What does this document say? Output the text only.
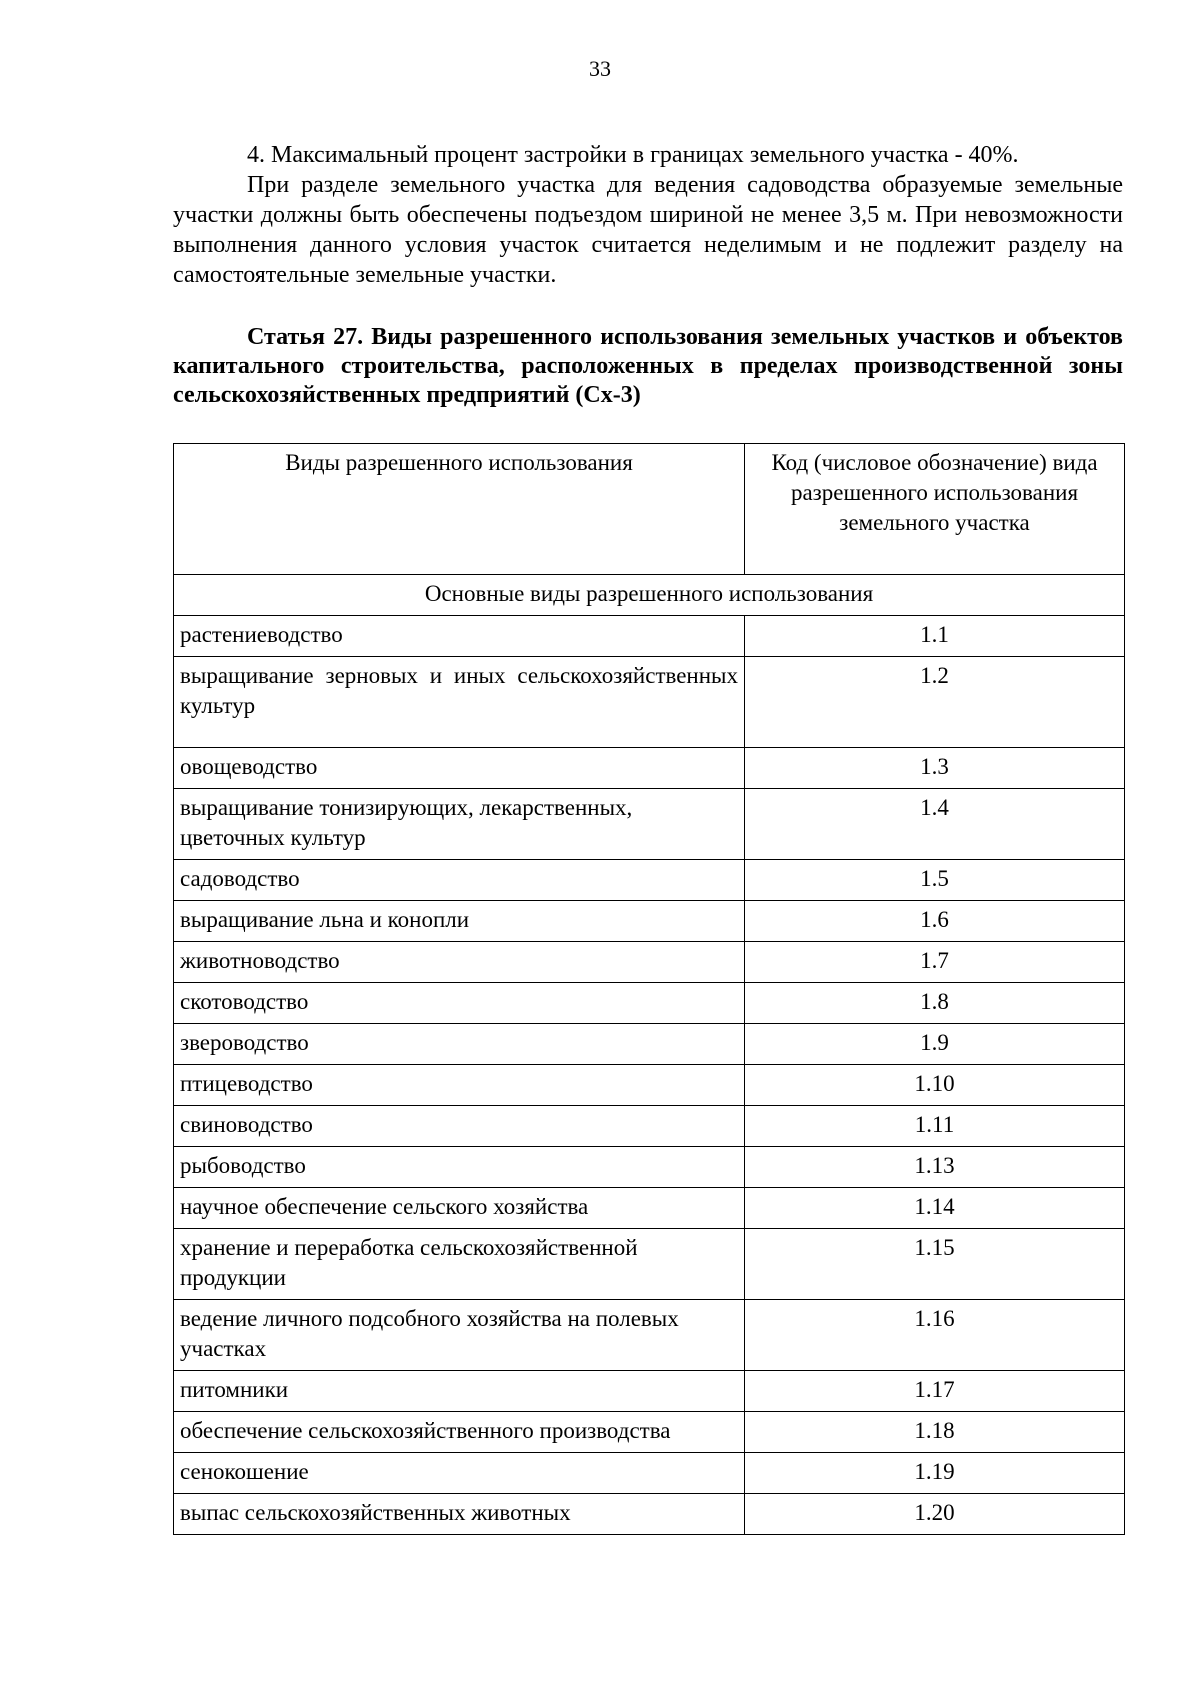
33

4. Максимальный процент застройки в границах земельного участка - 40%.

При разделе земельного участка для ведения садоводства образуемые земельные участки должны быть обеспечены подъездом шириной не менее 3,5 м. При невозможности выполнения данного условия участок считается неделимым и не подлежит разделу на самостоятельные земельные участки.

Статья 27. Виды разрешенного использования земельных участков и объектов капитального строительства, расположенных в пределах производственной зоны сельскохозяйственных предприятий (Сх-3)

Виды разрешенного использования	Код (числовое обозначение) вида разрешенного использования земельного участка
Основные виды разрешенного использования	
растениеводство	1.1
выращивание зерновых и иных сельскохозяйственных культур	1.2
овощеводство	1.3
выращивание тонизирующих, лекарственных, цветочных культур	1.4
садоводство	1.5
выращивание льна и конопли	1.6
животноводство	1.7
скотоводство	1.8
звероводство	1.9
птицеводство	1.10
свиноводство	1.11
рыбоводство	1.13
научное обеспечение сельского хозяйства	1.14
хранение и переработка сельскохозяйственной продукции	1.15
ведение личного подсобного хозяйства на полевых участках	1.16
питомники	1.17
обеспечение сельскохозяйственного производства	1.18
сенокошение	1.19
выпас сельскохозяйственных животных	1.20
